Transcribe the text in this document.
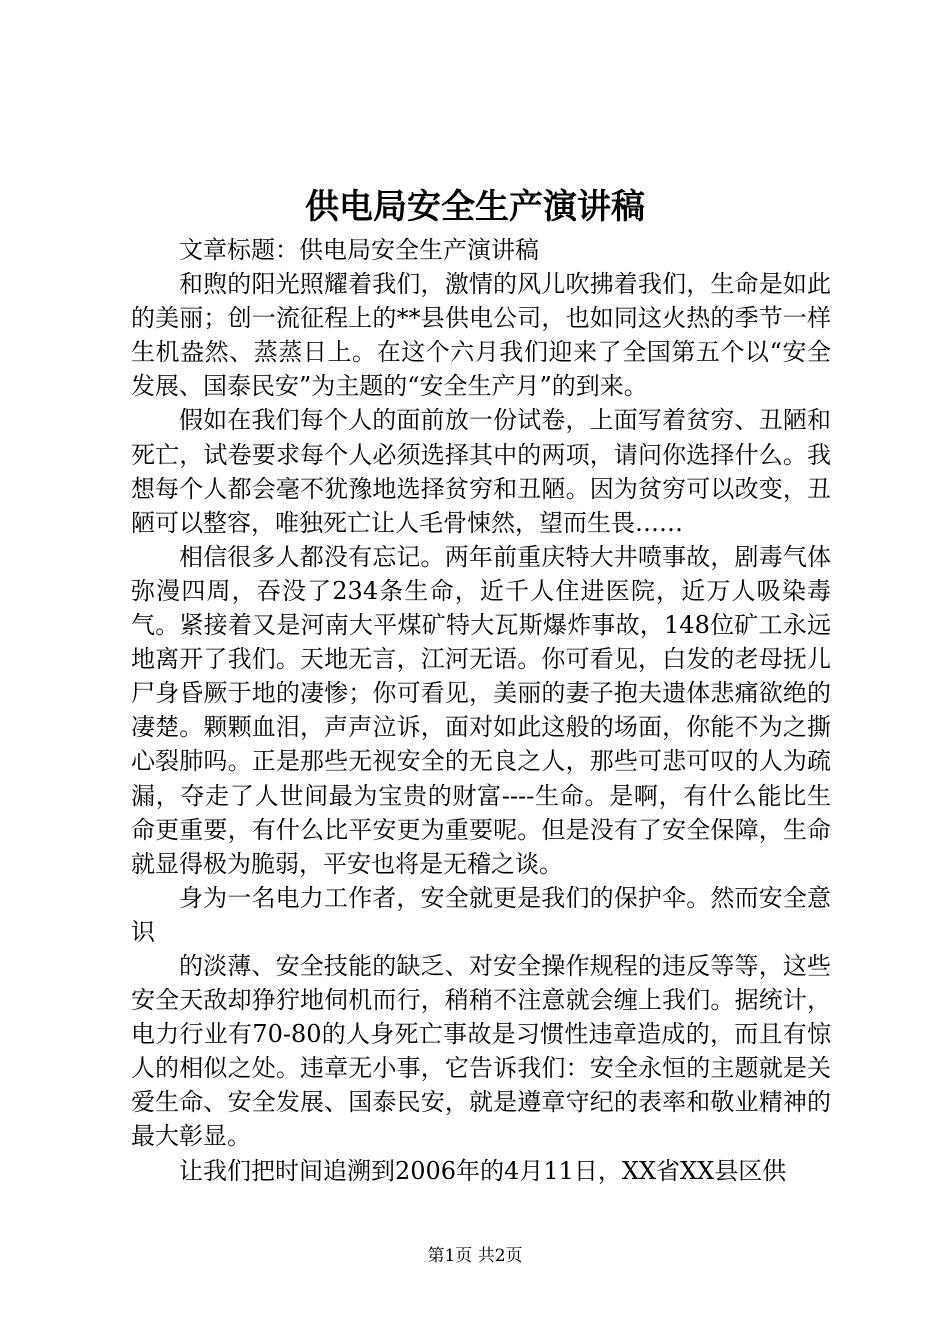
供电局安全生产演讲稿

文章标题：供电局安全生产演讲稿

和煦的阳光照耀着我们，激情的风儿吹拂着我们，生命是如此的美丽；创一流征程上的**县供电公司，也如同这火热的季节一样生机盎然、蒸蒸日上。在这个六月我们迎来了全国第五个以“安全发展、国泰民安”为主题的“安全生产月”的到来。

假如在我们每个人的面前放一份试卷，上面写着贫穷、丑陋和死亡，试卷要求每个人必须选择其中的两项，请问你选择什么。我想每个人都会毫不犹豫地选择贫穷和丑陋。因为贫穷可以改变，丑陋可以整容，唯独死亡让人毛骨悚然，望而生畏……

相信很多人都没有忘记。两年前重庆特大井喷事故，剧毒气体弥漫四周，吞没了234条生命，近千人住进医院，近万人吸染毒气。紧接着又是河南大平煤矿特大瓦斯爆炸事故，148位矿工永远地离开了我们。天地无言，江河无语。你可看见，白发的老母抚儿尸身昏厥于地的凄惨；你可看见，美丽的妻子抱夫遗体悲痛欲绝的凄楚。颗颗血泪，声声泣诉，面对如此这般的场面，你能不为之撕心裂肺吗。正是那些无视安全的无良之人，那些可悲可叹的人为疏漏，夺走了人世间最为宝贵的财富----生命。是啊，有什么能比生命更重要，有什么比平安更为重要呢。但是没有了安全保障，生命就显得极为脆弱，平安也将是无稽之谈。

身为一名电力工作者，安全就更是我们的保护伞。然而安全意识

的淡薄、安全技能的缺乏、对安全操作规程的违反等等，这些安全天敌却狰狞地伺机而行，稍稍不注意就会缠上我们。据统计，电力行业有70-80的人身死亡事故是习惯性违章造成的，而且有惊人的相似之处。违章无小事，它告诉我们：安全永恒的主题就是关爱生命、安全发展、国泰民安，就是遵章守纪的表率和敬业精神的最大彰显。

让我们把时间追溯到2006年的4月11日，XX省XX县区供

第1页 共2页
